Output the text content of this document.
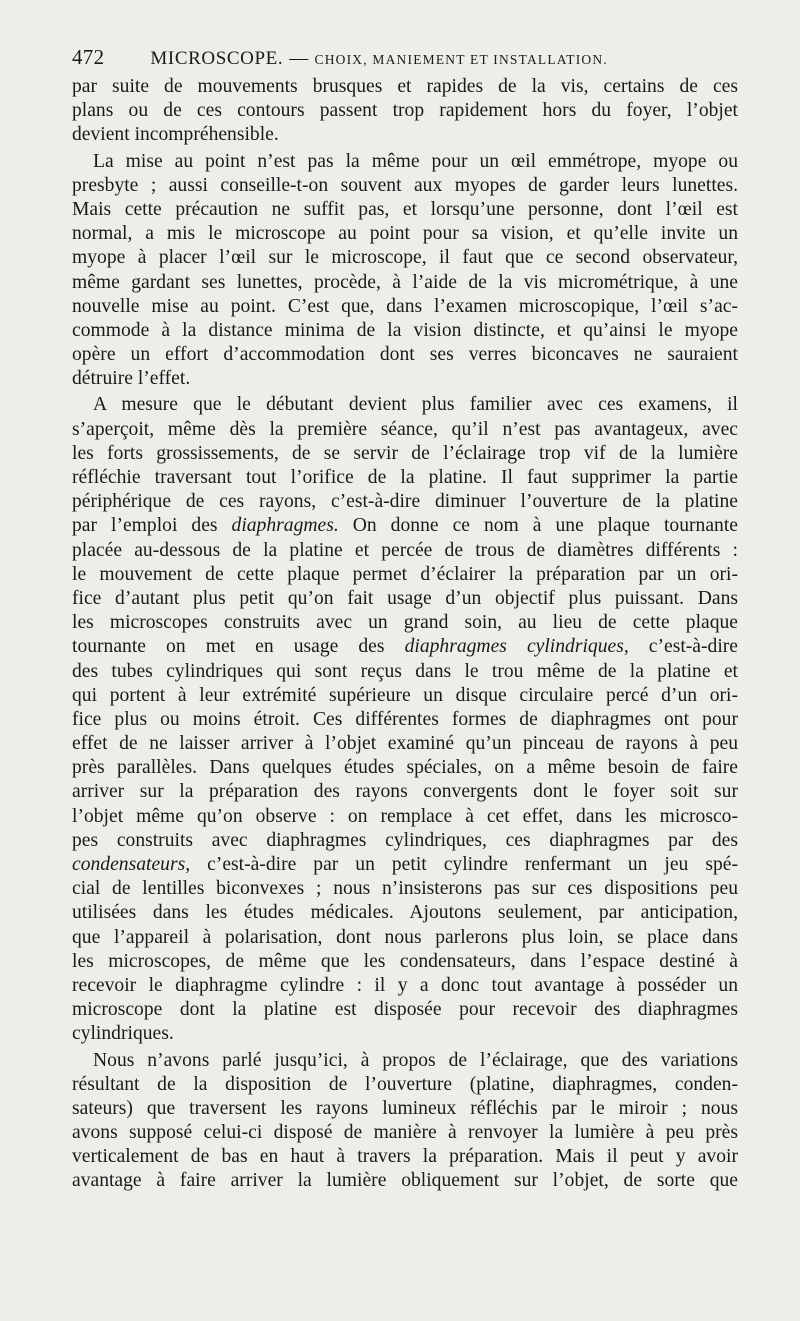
472 MICROSCOPE. — CHOIX, MANIEMENT ET INSTALLATION.

par suite de mouvements brusques et rapides de la vis, certains de ces
plans ou de ces contours passent trop rapidement hors du foyer, l’objet
devient incompréhensible.

La mise au point n’est pas la même pour un œil emmétrope, myope ou
presbyte ; aussi conseille-t-on souvent aux myopes de garder leurs lunettes.
Mais cette précaution ne suffit pas, et lorsqu’une personne, dont l’œil est
normal, a mis le microscope au point pour sa vision, et qu’elle invite un
myope à placer l’œil sur le microscope, il faut que ce second observateur,
même gardant ses lunettes, procède, à l’aide de la vis micrométrique, à une
nouvelle mise au point. C’est que, dans l’examen microscopique, l’œil s’ac-
commode à la distance minima de la vision distincte, et qu’ainsi le myope
opère un effort d’accommodation dont ses verres biconcaves ne sauraient
détruire l’effet.

A mesure que le débutant devient plus familier avec ces examens, il
s’aperçoit, même dès la première séance, qu’il n’est pas avantageux, avec
les forts grossissements, de se servir de l’éclairage trop vif de la lumière
réfléchie traversant tout l’orifice de la platine. Il faut supprimer la partie
périphérique de ces rayons, c’est-à-dire diminuer l’ouverture de la platine
par l’emploi des diaphragmes. On donne ce nom à une plaque tournante
placée au-dessous de la platine et percée de trous de diamètres différents :
le mouvement de cette plaque permet d’éclairer la préparation par un ori-
fice d’autant plus petit qu’on fait usage d’un objectif plus puissant. Dans
les microscopes construits avec un grand soin, au lieu de cette plaque
tournante on met en usage des diaphragmes cylindriques, c’est-à-dire
des tubes cylindriques qui sont reçus dans le trou même de la platine et
qui portent à leur extrémité supérieure un disque circulaire percé d’un ori-
fice plus ou moins étroit. Ces différentes formes de diaphragmes ont pour
effet de ne laisser arriver à l’objet examiné qu’un pinceau de rayons à peu
près parallèles. Dans quelques études spéciales, on a même besoin de faire
arriver sur la préparation des rayons convergents dont le foyer soit sur
l’objet même qu’on observe : on remplace à cet effet, dans les microsco-
pes construits avec diaphragmes cylindriques, ces diaphragmes par des
condensateurs, c’est-à-dire par un petit cylindre renfermant un jeu spé-
cial de lentilles biconvexes ; nous n’insisterons pas sur ces dispositions peu
utilisées dans les études médicales. Ajoutons seulement, par anticipation,
que l’appareil à polarisation, dont nous parlerons plus loin, se place dans
les microscopes, de même que les condensateurs, dans l’espace destiné à
recevoir le diaphragme cylindre : il y a donc tout avantage à posséder un
microscope dont la platine est disposée pour recevoir des diaphragmes
cylindriques.

Nous n’avons parlé jusqu’ici, à propos de l’éclairage, que des variations
résultant de la disposition de l’ouverture (platine, diaphragmes, conden-
sateurs) que traversent les rayons lumineux réfléchis par le miroir ; nous
avons supposé celui-ci disposé de manière à renvoyer la lumière à peu près
verticalement de bas en haut à travers la préparation. Mais il peut y avoir
avantage à faire arriver la lumière obliquement sur l’objet, de sorte que
